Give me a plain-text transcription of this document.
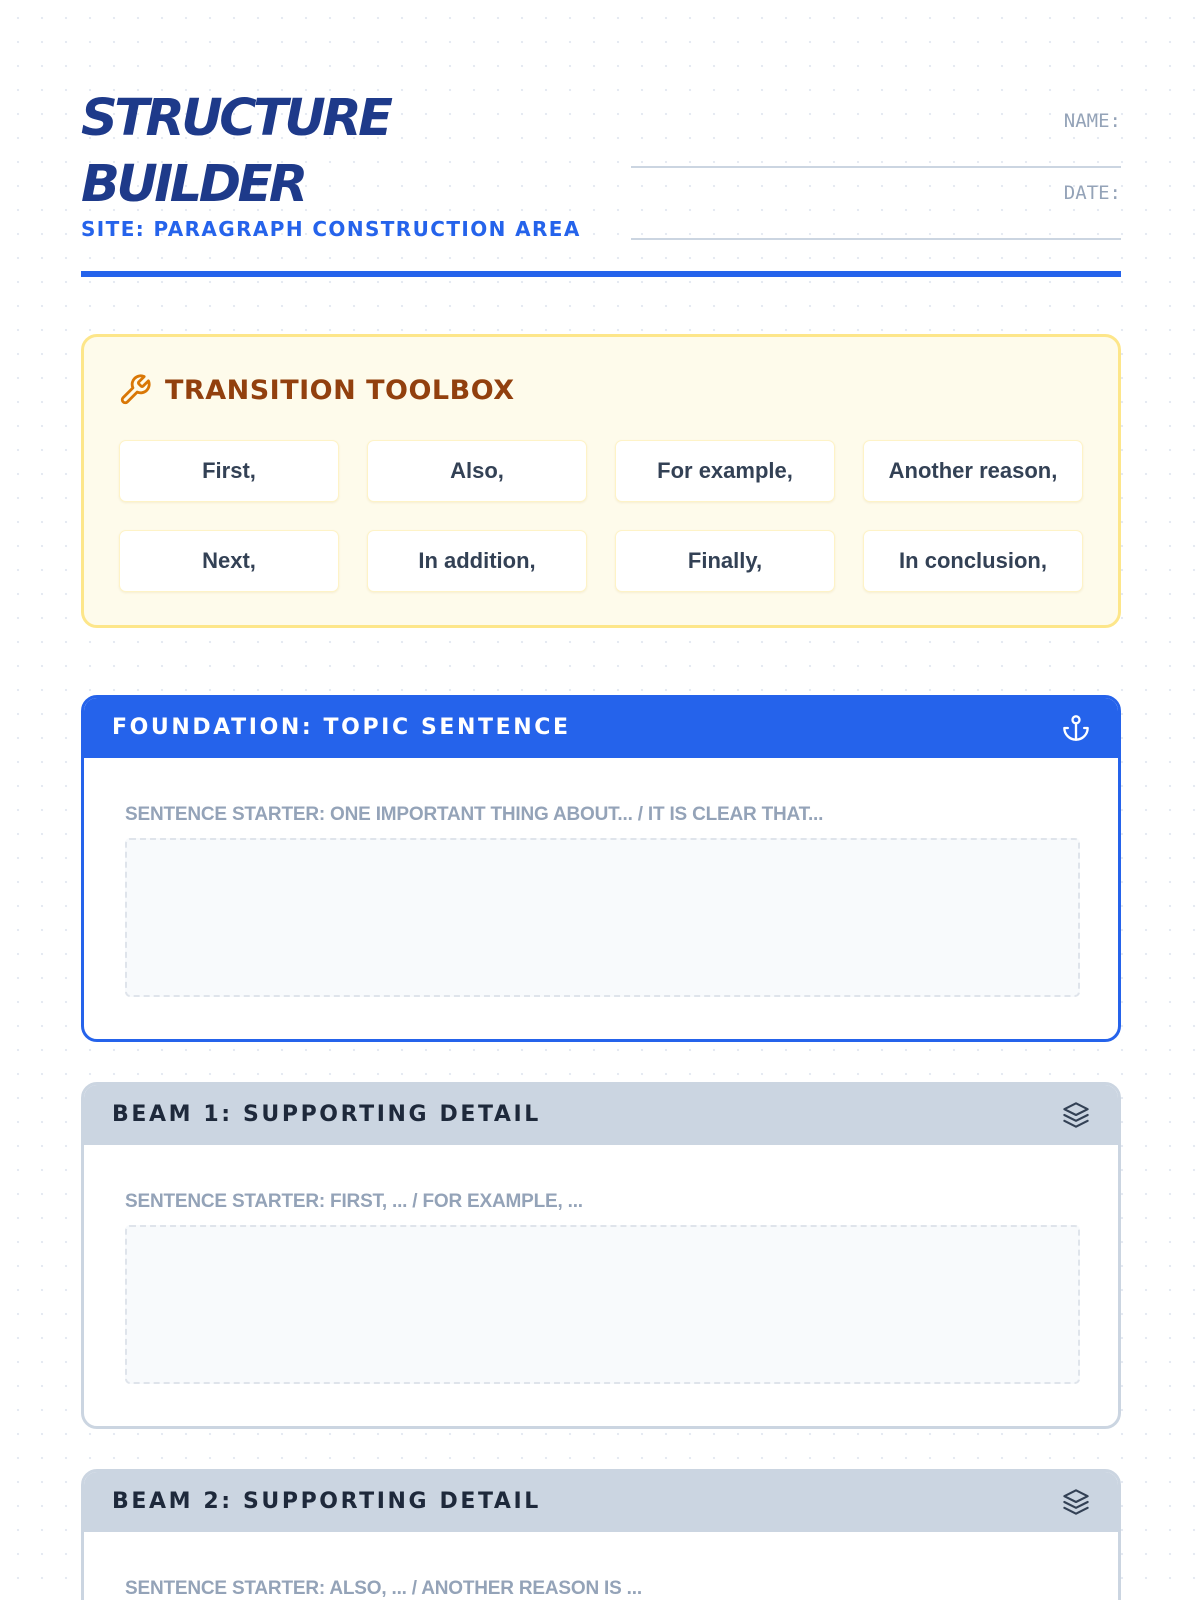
STRUCTURE
BUILDER
SITE: PARAGRAPH CONSTRUCTION AREA
NAME:
DATE:
TRANSITION TOOLBOX
First,	Also,	For example,	Another reason,
Next,	In addition,	Finally,	In conclusion,
FOUNDATION: TOPIC SENTENCE
SENTENCE STARTER: ONE IMPORTANT THING ABOUT... / IT IS CLEAR THAT...
BEAM 1: SUPPORTING DETAIL
SENTENCE STARTER: FIRST, ... / FOR EXAMPLE, ...
BEAM 2: SUPPORTING DETAIL
SENTENCE STARTER: ALSO, ... / ANOTHER REASON IS ...
